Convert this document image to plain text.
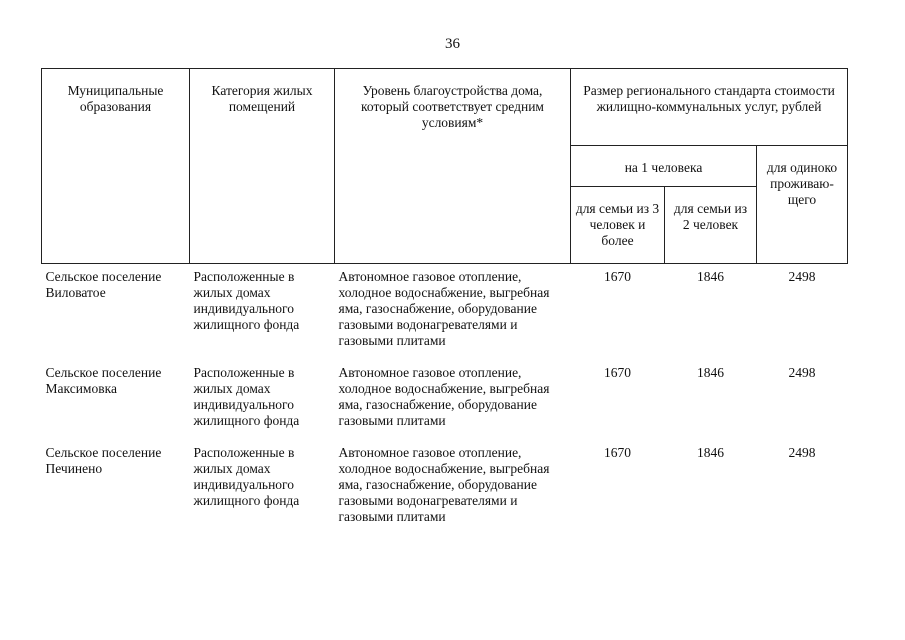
36
Муниципальные образования	Категория жилых помещений	Уровень благоустройства дома, который соответствует средним условиям*	Размер регионального стандарта стоимости жилищно-коммунальных услуг, рублей		
			на 1 человека		для одиноко проживаю-щего
			для семьи из 3 человек и более	для семьи из 2 человек	
Сельское поселение Виловатое	Расположенные в жилых домах индивидуального жилищного фонда	Автономное газовое отопление, холодное водоснабжение, выгребная яма, газоснабжение, оборудование газовыми водонагревателями и газовыми плитами	1670	1846	2498
Сельское поселение Максимовка	Расположенные в жилых домах индивидуального жилищного фонда	Автономное газовое отопление, холодное водоснабжение, выгребная яма, газоснабжение, оборудование газовыми плитами	1670	1846	2498
Сельское поселение Печинено	Расположенные в жилых домах индивидуального жилищного фонда	Автономное газовое отопление, холодное водоснабжение, выгребная яма, газоснабжение, оборудование газовыми водонагревателями и газовыми плитами	1670	1846	2498
